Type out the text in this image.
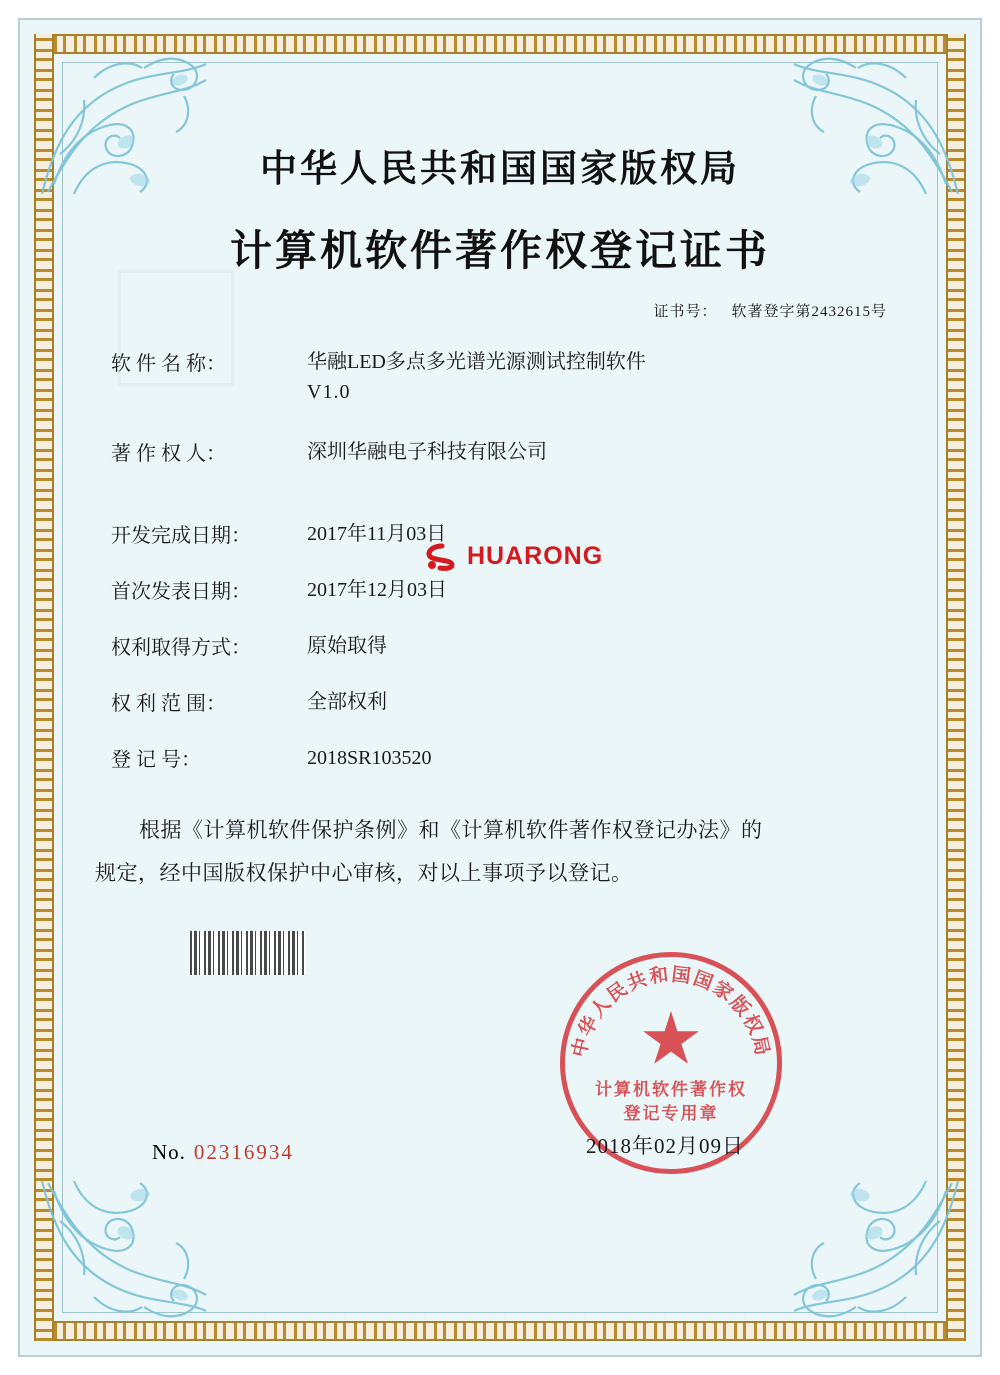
中华人民共和国国家版权局
计算机软件著作权登记证书
证书号： 软著登字第2432615号
软 件 名 称：	华融LED多点多光谱光源测试控制软件
V1.0
著 作 权 人：	深圳华融电子科技有限公司
开发完成日期：	2017年11月03日
首次发表日期：	2017年12月03日
权利取得方式：	原始取得
权 利 范 围：	全部权利
登 记 号：	2018SR103520
根据《计算机软件保护条例》和《计算机软件著作权登记办法》的
规定，经中国版权保护中心审核，对以上事项予以登记。
HUARONG
中华人民共和国国家版权局
计算机软件著作权
登记专用章
2018年02月09日
No. 02316934
